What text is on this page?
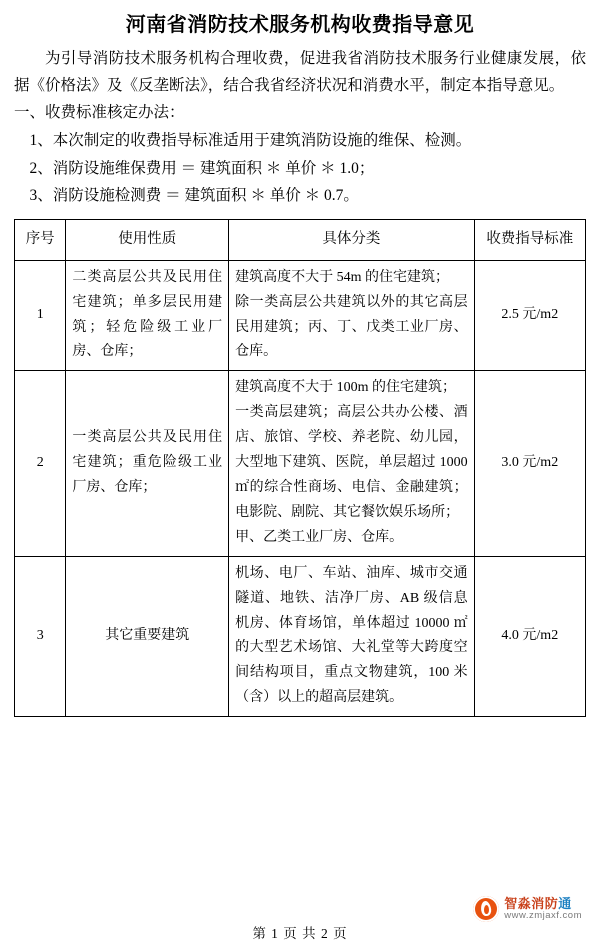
河南省消防技术服务机构收费指导意见

为引导消防技术服务机构合理收费，促进我省消防技术服务行业健康发展，依据《价格法》及《反垄断法》，结合我省经济状况和消费水平，制定本指导意见。

一、收费标准核定办法：

1、本次制定的收费指导标准适用于建筑消防设施的维保、检测。

2、消防设施维保费用 ＝ 建筑面积 ＊ 单价 ＊ 1.0；

3、消防设施检测费 ＝ 建筑面积 ＊ 单价 ＊ 0.7。

序号	使用性质	具体分类	收费指导标准
1	二类高层公共及民用住宅建筑；单多层民用建筑；轻危险级工业厂房、仓库；	建筑高度不大于 54m 的住宅建筑；
除一类高层公共建筑以外的其它高层民用建筑；丙、丁、戊类工业厂房、仓库。	2.5 元/m2
2	一类高层公共及民用住宅建筑；重危险级工业厂房、仓库；	建筑高度不大于 100m 的住宅建筑；
一类高层建筑；高层公共办公楼、酒店、旅馆、学校、养老院、幼儿园，大型地下建筑、医院，单层超过 1000 ㎡的综合性商场、电信、金融建筑；电影院、剧院、其它餐饮娱乐场所；
甲、乙类工业厂房、仓库。	3.0 元/m2
3	其它重要建筑	机场、电厂、车站、油库、城市交通隧道、地铁、洁净厂房、AB 级信息机房、体育场馆，单体超过 10000 ㎡的大型艺术场馆、大礼堂等大跨度空间结构项目，重点文物建筑，100 米（含）以上的超高层建筑。	4.0 元/m2
智淼消防通
www.zmjaxf.com
第 1 页 共 2 页
